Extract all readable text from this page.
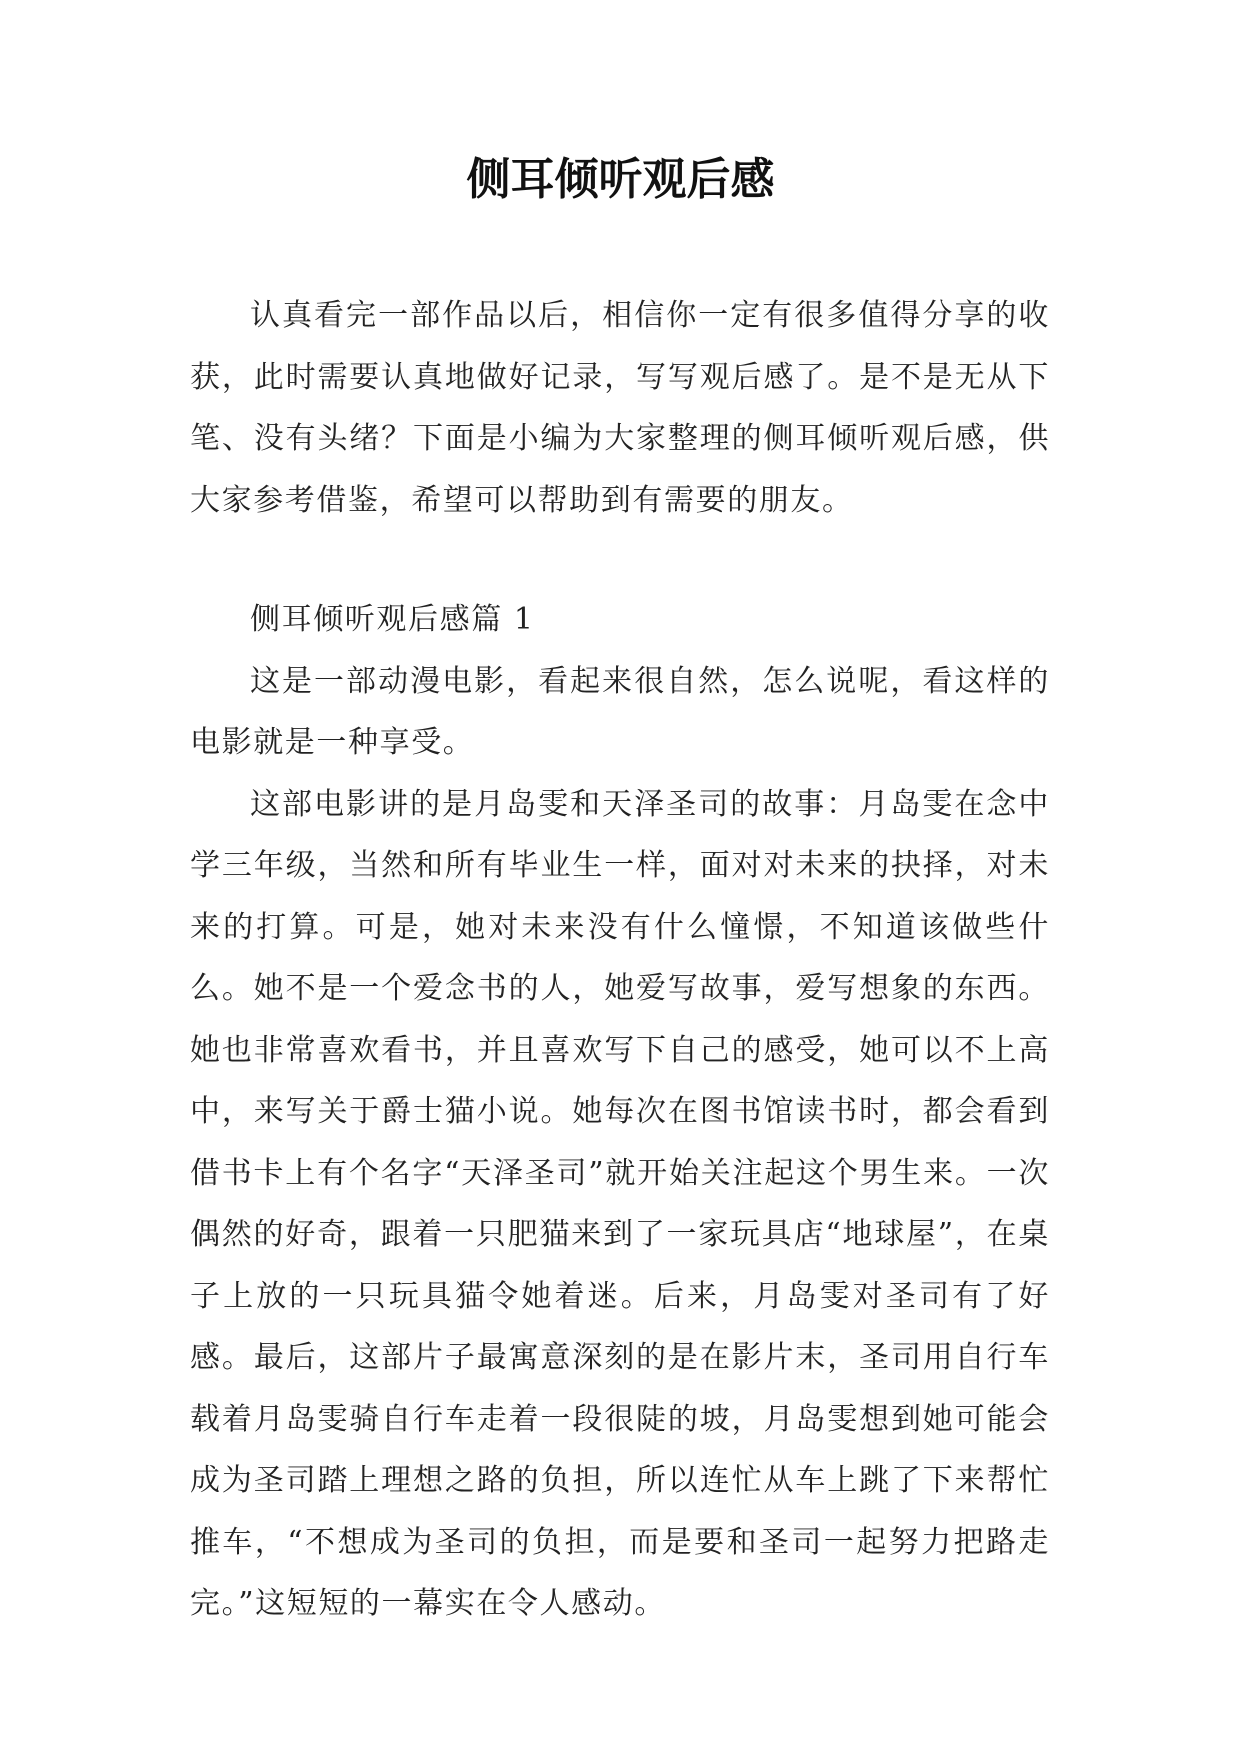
侧耳倾听观后感

认真看完一部作品以后，相信你一定有很多值得分享的收获，此时需要认真地做好记录，写写观后感了。是不是无从下笔、没有头绪？下面是小编为大家整理的侧耳倾听观后感，供大家参考借鉴，希望可以帮助到有需要的朋友。

侧耳倾听观后感篇 1

这是一部动漫电影，看起来很自然，怎么说呢，看这样的电影就是一种享受。

这部电影讲的是月岛雯和天泽圣司的故事：月岛雯在念中学三年级，当然和所有毕业生一样，面对对未来的抉择，对未来的打算。可是，她对未来没有什么憧憬，不知道该做些什么。她不是一个爱念书的人，她爱写故事，爱写想象的东西。她也非常喜欢看书，并且喜欢写下自己的感受，她可以不上高中，来写关于爵士猫小说。她每次在图书馆读书时，都会看到借书卡上有个名字“天泽圣司”就开始关注起这个男生来。一次偶然的好奇，跟着一只肥猫来到了一家玩具店“地球屋”，在桌子上放的一只玩具猫令她着迷。后来，月岛雯对圣司有了好感。最后，这部片子最寓意深刻的是在影片末，圣司用自行车载着月岛雯骑自行车走着一段很陡的坡，月岛雯想到她可能会成为圣司踏上理想之路的负担，所以连忙从车上跳了下来帮忙推车，“不想成为圣司的负担，而是要和圣司一起努力把路走完。”这短短的一幕实在令人感动。
